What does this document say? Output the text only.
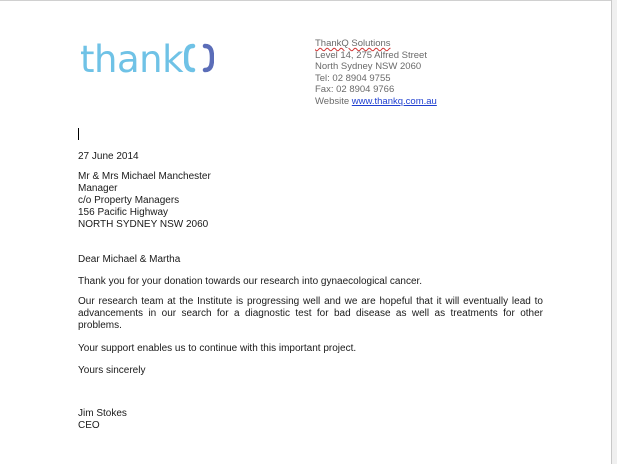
thank	ThankQ Solutions
Level 14, 275 Alfred Street
North Sydney NSW 2060
Tel: 02 8904 9755
Fax: 02 8904 9766
Website www.thankq.com.au
27 June 2014
Mr & Mrs Michael Manchester
Manager
c/o Property Managers
156 Pacific Highway
NORTH SYDNEY NSW 2060
Dear Michael & Martha
Thank you for your donation towards our research into gynaecological cancer.
Our research team at the Institute is progressing well and we are hopeful that it will eventually lead to advancements in our search for a diagnostic test for bad disease as well as treatments for other problems.
Your support enables us to continue with this important project.
Yours sincerely
Jim Stokes
CEO
